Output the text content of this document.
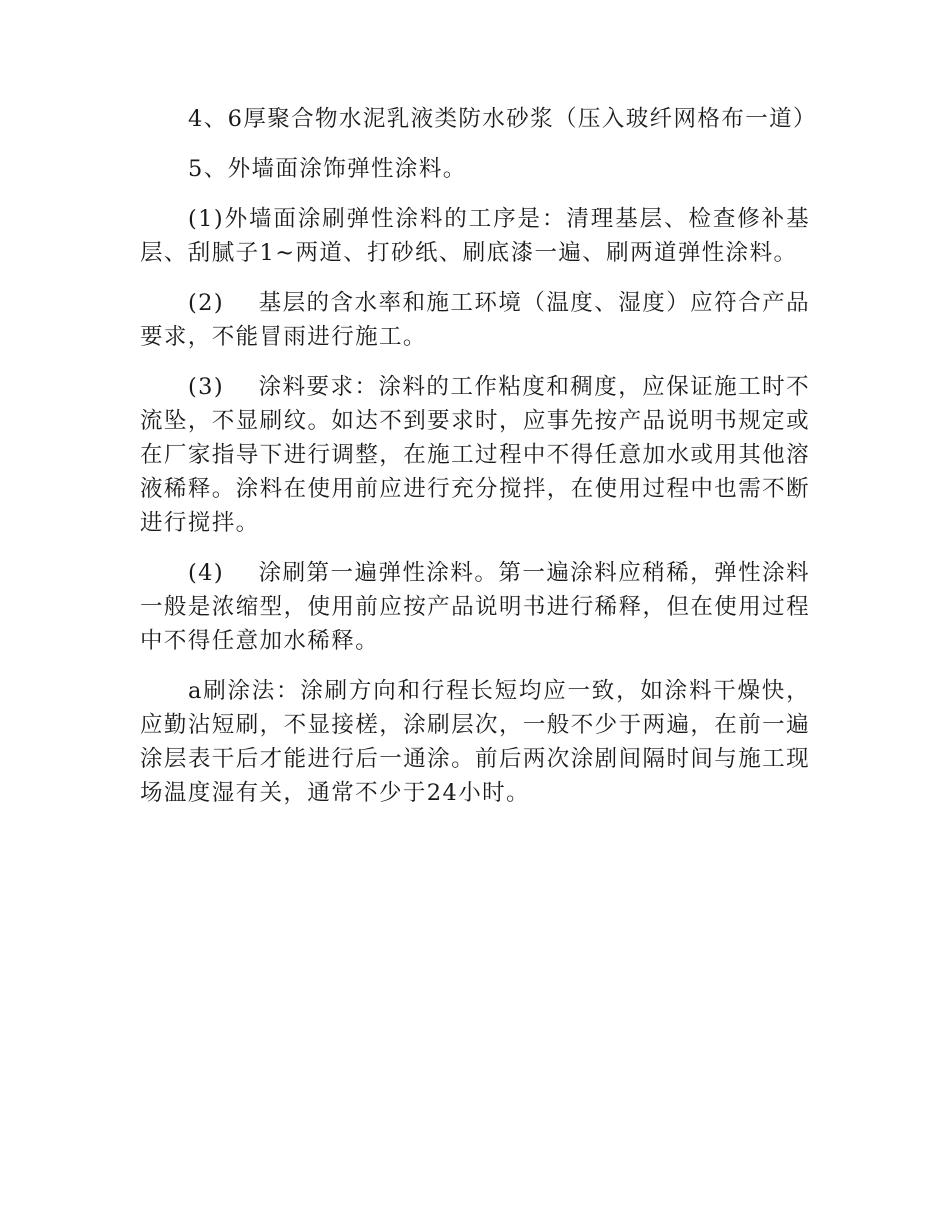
4、6厚聚合物水泥乳液类防水砂浆（压入玻纤网格布一道）

5、外墙面涂饰弹性涂料。

(1)外墙面涂刷弹性涂料的工序是：清理基层、检查修补基层、刮腻子1~两道、打砂纸、刷底漆一遍、刷两道弹性涂料。

(2)    基层的含水率和施工环境（温度、湿度）应符合产品要求，不能冒雨进行施工。

(3)    涂料要求：涂料的工作粘度和稠度，应保证施工时不流坠，不显刷纹。如达不到要求时，应事先按产品说明书规定或在厂家指导下进行调整，在施工过程中不得任意加水或用其他溶液稀释。涂料在使用前应进行充分搅拌，在使用过程中也需不断进行搅拌。

(4)    涂刷第一遍弹性涂料。第一遍涂料应稍稀，弹性涂料一般是浓缩型，使用前应按产品说明书进行稀释，但在使用过程中不得任意加水稀释。

a刷涂法：涂刷方向和行程长短均应一致，如涂料干燥快，应勤沾短刷，不显接槎，涂刷层次，一般不少于两遍，在前一遍涂层表干后才能进行后一通涂。前后两次涂剧间隔时间与施工现场温度湿有关，通常不少于24小时。
